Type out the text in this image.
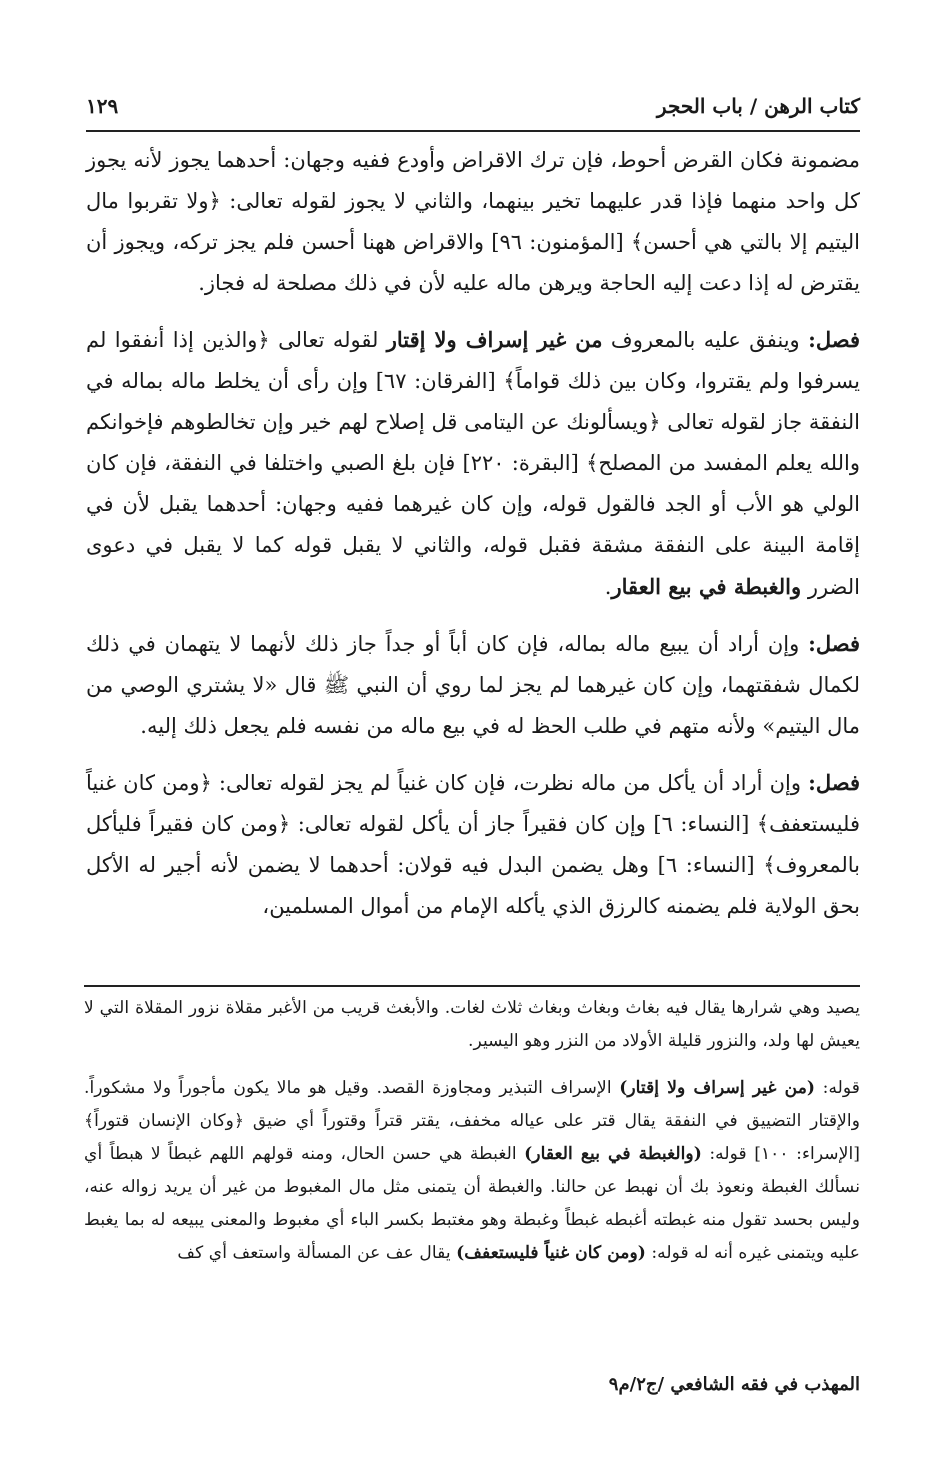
كتاب الرهن / باب الحجر
١٢٩

مضمونة فكان القرض أحوط، فإن ترك الاقراض وأودع ففيه وجهان: أحدهما يجوز لأنه يجوز كل واحد منهما فإذا قدر عليهما تخير بينهما، والثاني لا يجوز لقوله تعالى: ﴿ولا تقربوا مال اليتيم إلا بالتي هي أحسن﴾ [المؤمنون: ٩٦] والاقراض ههنا أحسن فلم يجز تركه، ويجوز أن يقترض له إذا دعت إليه الحاجة ويرهن ماله عليه لأن في ذلك مصلحة له فجاز.

فصل: وينفق عليه بالمعروف من غير إسراف ولا إقتار لقوله تعالى ﴿والذين إذا أنفقوا لم يسرفوا ولم يقتروا، وكان بين ذلك قواماً﴾ [الفرقان: ٦٧] وإن رأى أن يخلط ماله بماله في النفقة جاز لقوله تعالى ﴿ويسألونك عن اليتامى قل إصلاح لهم خير وإن تخالطوهم فإخوانكم والله يعلم المفسد من المصلح﴾ [البقرة: ٢٢٠] فإن بلغ الصبي واختلفا في النفقة، فإن كان الولي هو الأب أو الجد فالقول قوله، وإن كان غيرهما ففيه وجهان: أحدهما يقبل لأن في إقامة البينة على النفقة مشقة فقبل قوله، والثاني لا يقبل قوله كما لا يقبل في دعوى الضرر والغبطة في بيع العقار.

فصل: وإن أراد أن يبيع ماله بماله، فإن كان أباً أو جداً جاز ذلك لأنهما لا يتهمان في ذلك لكمال شفقتهما، وإن كان غيرهما لم يجز لما روي أن النبي ﷺ قال «لا يشتري الوصي من مال اليتيم» ولأنه متهم في طلب الحظ له في بيع ماله من نفسه فلم يجعل ذلك إليه.

فصل: وإن أراد أن يأكل من ماله نظرت، فإن كان غنياً لم يجز لقوله تعالى: ﴿ومن كان غنياً فليستعفف﴾ [النساء: ٦] وإن كان فقيراً جاز أن يأكل لقوله تعالى: ﴿ومن كان فقيراً فليأكل بالمعروف﴾ [النساء: ٦] وهل يضمن البدل فيه قولان: أحدهما لا يضمن لأنه أجير له الأكل بحق الولاية فلم يضمنه كالرزق الذي يأكله الإمام من أموال المسلمين،

يصيد وهي شرارها يقال فيه بغاث وبغاث وبغاث ثلاث لغات. والأبغث قريب من الأغبر مقلاة نزور المقلاة التي لا يعيش لها ولد، والنزور قليلة الأولاد من النزر وهو اليسير.

قوله: (من غير إسراف ولا إقتار) الإسراف التبذير ومجاوزة القصد. وقيل هو مالا يكون مأجوراً ولا مشكوراً. والإقتار التضييق في النفقة يقال قتر على عياله مخفف، يقتر قتراً وقتوراً أي ضيق ﴿وكان الإنسان قتوراً﴾ [الإسراء: ١٠٠] قوله: (والغبطة في بيع العقار) الغبطة هي حسن الحال، ومنه قولهم اللهم غبطاً لا هبطاً أي نسألك الغبطة ونعوذ بك أن نهبط عن حالنا. والغبطة أن يتمنى مثل مال المغبوط من غير أن يريد زواله عنه، وليس بحسد تقول منه غبطته أغبطه غبطاً وغبطة وهو مغتبط بكسر الباء أي مغبوط والمعنى يبيعه له بما يغبط عليه ويتمنى غيره أنه له قوله: (ومن كان غنياً فليستعفف) يقال عف عن المسألة واستعف أي كف

المهذب في فقه الشافعي /ج٢/م٩
